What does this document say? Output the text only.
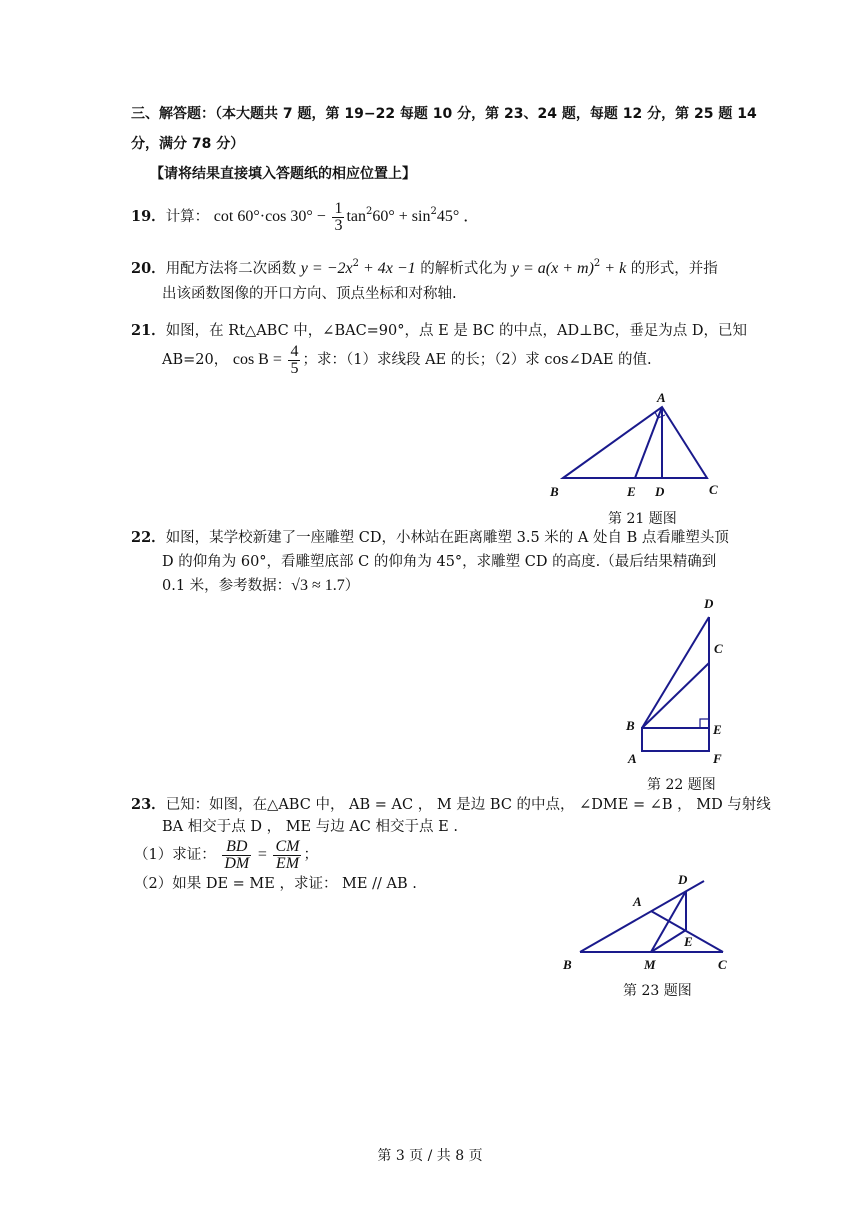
三、解答题：（本大题共 7 题，第 19−22 每题 10 分，第 23、24 题，每题 12 分，第 25 题 14
分，满分 78 分）
【请将结果直接填入答题纸的相应位置上】
19．计算： cot 60°·cos $30^\circ - \frac{1}{3} \tan^260^\circ + \sin^245^\circ$ ．
20．用配方法将二次函数 $y = -2x^2 + 4x -1$ 的解析式化为 $y = a(x + m)^2 + k$ 的形式，并指
出该函数图像的开口方向、顶点坐标和对称轴.
21．如图，在 Rt△ABC 中，∠BAC=90°，点 E 是 BC 的中点，AD⊥BC，垂足为点 D，已知
AB=20， $\cos B = \frac{4}{5}$ ；求：（1）求线段 AE 的长；（2）求 cos∠DAE 的值.
A
B	E D	C
第 21 题图
22．如图，某学校新建了一座雕塑 CD，小林站在距离雕塑 3.5 米的 A 处自 B 点看雕塑头顶
D 的仰角为 60°，看雕塑底部 C 的仰角为 45°，求雕塑 CD 的高度.（最后结果精确到
0.1 米，参考数据：√3 ≈ 1.7）
D
C
B	E
A	F
第 22 题图
23．已知：如图，在△ABC 中， AB = AC ， M 是边 BC 的中点， ∠DME = ∠B ， MD 与射线
BA 相交于点 D ， ME 与边 AC 相交于点 E .
（1）求证： $\frac{BD}{DM} = \frac{CM}{EM}$ ；
（2）如果 DE = ME ，求证： ME // AB .	D
A
E
B	M	C
第 23 题图
第 3 页 / 共 8 页
